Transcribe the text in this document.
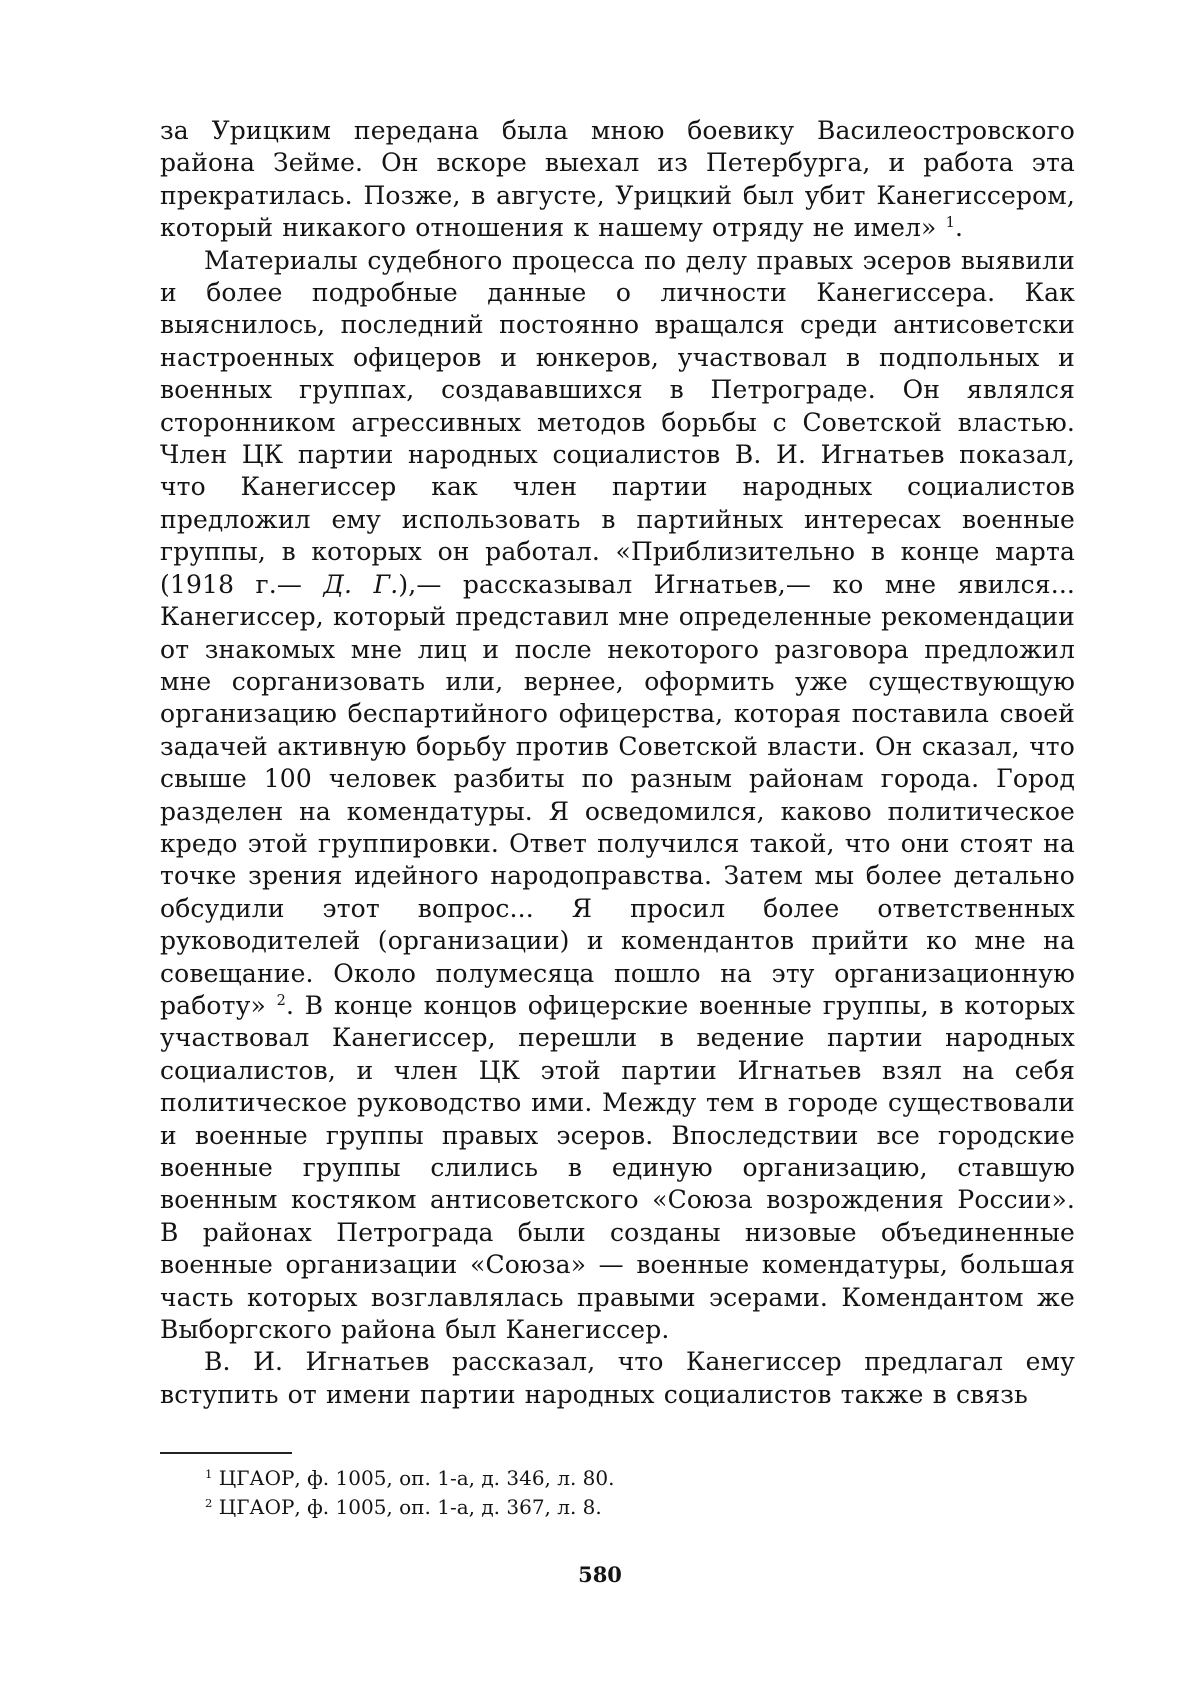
за Урицким передана была мною боевику Василеостровского района Зейме. Он вскоре выехал из Петербурга, и работа эта прекратилась. Позже, в августе, Урицкий был убит Канегиссером, который никакого отношения к нашему отряду не имел» $^1$.

Материалы судебного процесса по делу правых эсеров выявили и более подробные данные о личности Канегиссера. Как выяснилось, последний постоянно вращался среди антисоветски настроенных офицеров и юнкеров, участвовал в подпольных и военных группах, создававшихся в Петрограде. Он являлся сторонником агрессивных методов борьбы с Советской властью. Член ЦК партии народных социалистов В. И. Игнатьев показал, что Канегиссер как член партии народных социалистов предложил ему использовать в партийных интересах военные группы, в которых он работал. «Приблизительно в конце марта (1918 г.— Д. Г.),— рассказывал Игнатьев,— ко мне явился... Канегиссер, который представил мне определенные рекомендации от знакомых мне лиц и после некоторого разговора предложил мне сорганизовать или, вернее, оформить уже существующую организацию беспартийного офицерства, которая поставила своей задачей активную борьбу против Советской власти. Он сказал, что свыше 100 человек разбиты по разным районам города. Город разделен на комендатуры. Я осведомился, каково политическое кредо этой группировки. Ответ получился такой, что они стоят на точке зрения идейного народоправства. Затем мы более детально обсудили этот вопрос... Я просил более ответственных руководителей (организации) и комендантов прийти ко мне на совещание. Около полумесяца пошло на эту организационную работу» $^2$. В конце концов офицерские военные группы, в которых участвовал Канегиссер, перешли в ведение партии народных социалистов, и член ЦК этой партии Игнатьев взял на себя политическое руководство ими. Между тем в городе существовали и военные группы правых эсеров. Впоследствии все городские военные группы слились в единую организацию, ставшую военным костяком антисоветского «Союза возрождения России». В районах Петрограда были созданы низовые объединенные военные организации «Союза» — военные комендатуры, большая часть которых возглавлялась правыми эсерами. Комендантом же Выборгского района был Канегиссер.

В. И. Игнатьев рассказал, что Канегиссер предлагал ему вступить от имени партии народных социалистов также в связь

$^1$ ЦГАОР, ф. 1005, оп. 1-а, д. 346, л. 80.

$^2$ ЦГАОР, ф. 1005, оп. 1-а, д. 367, л. 8.

580
